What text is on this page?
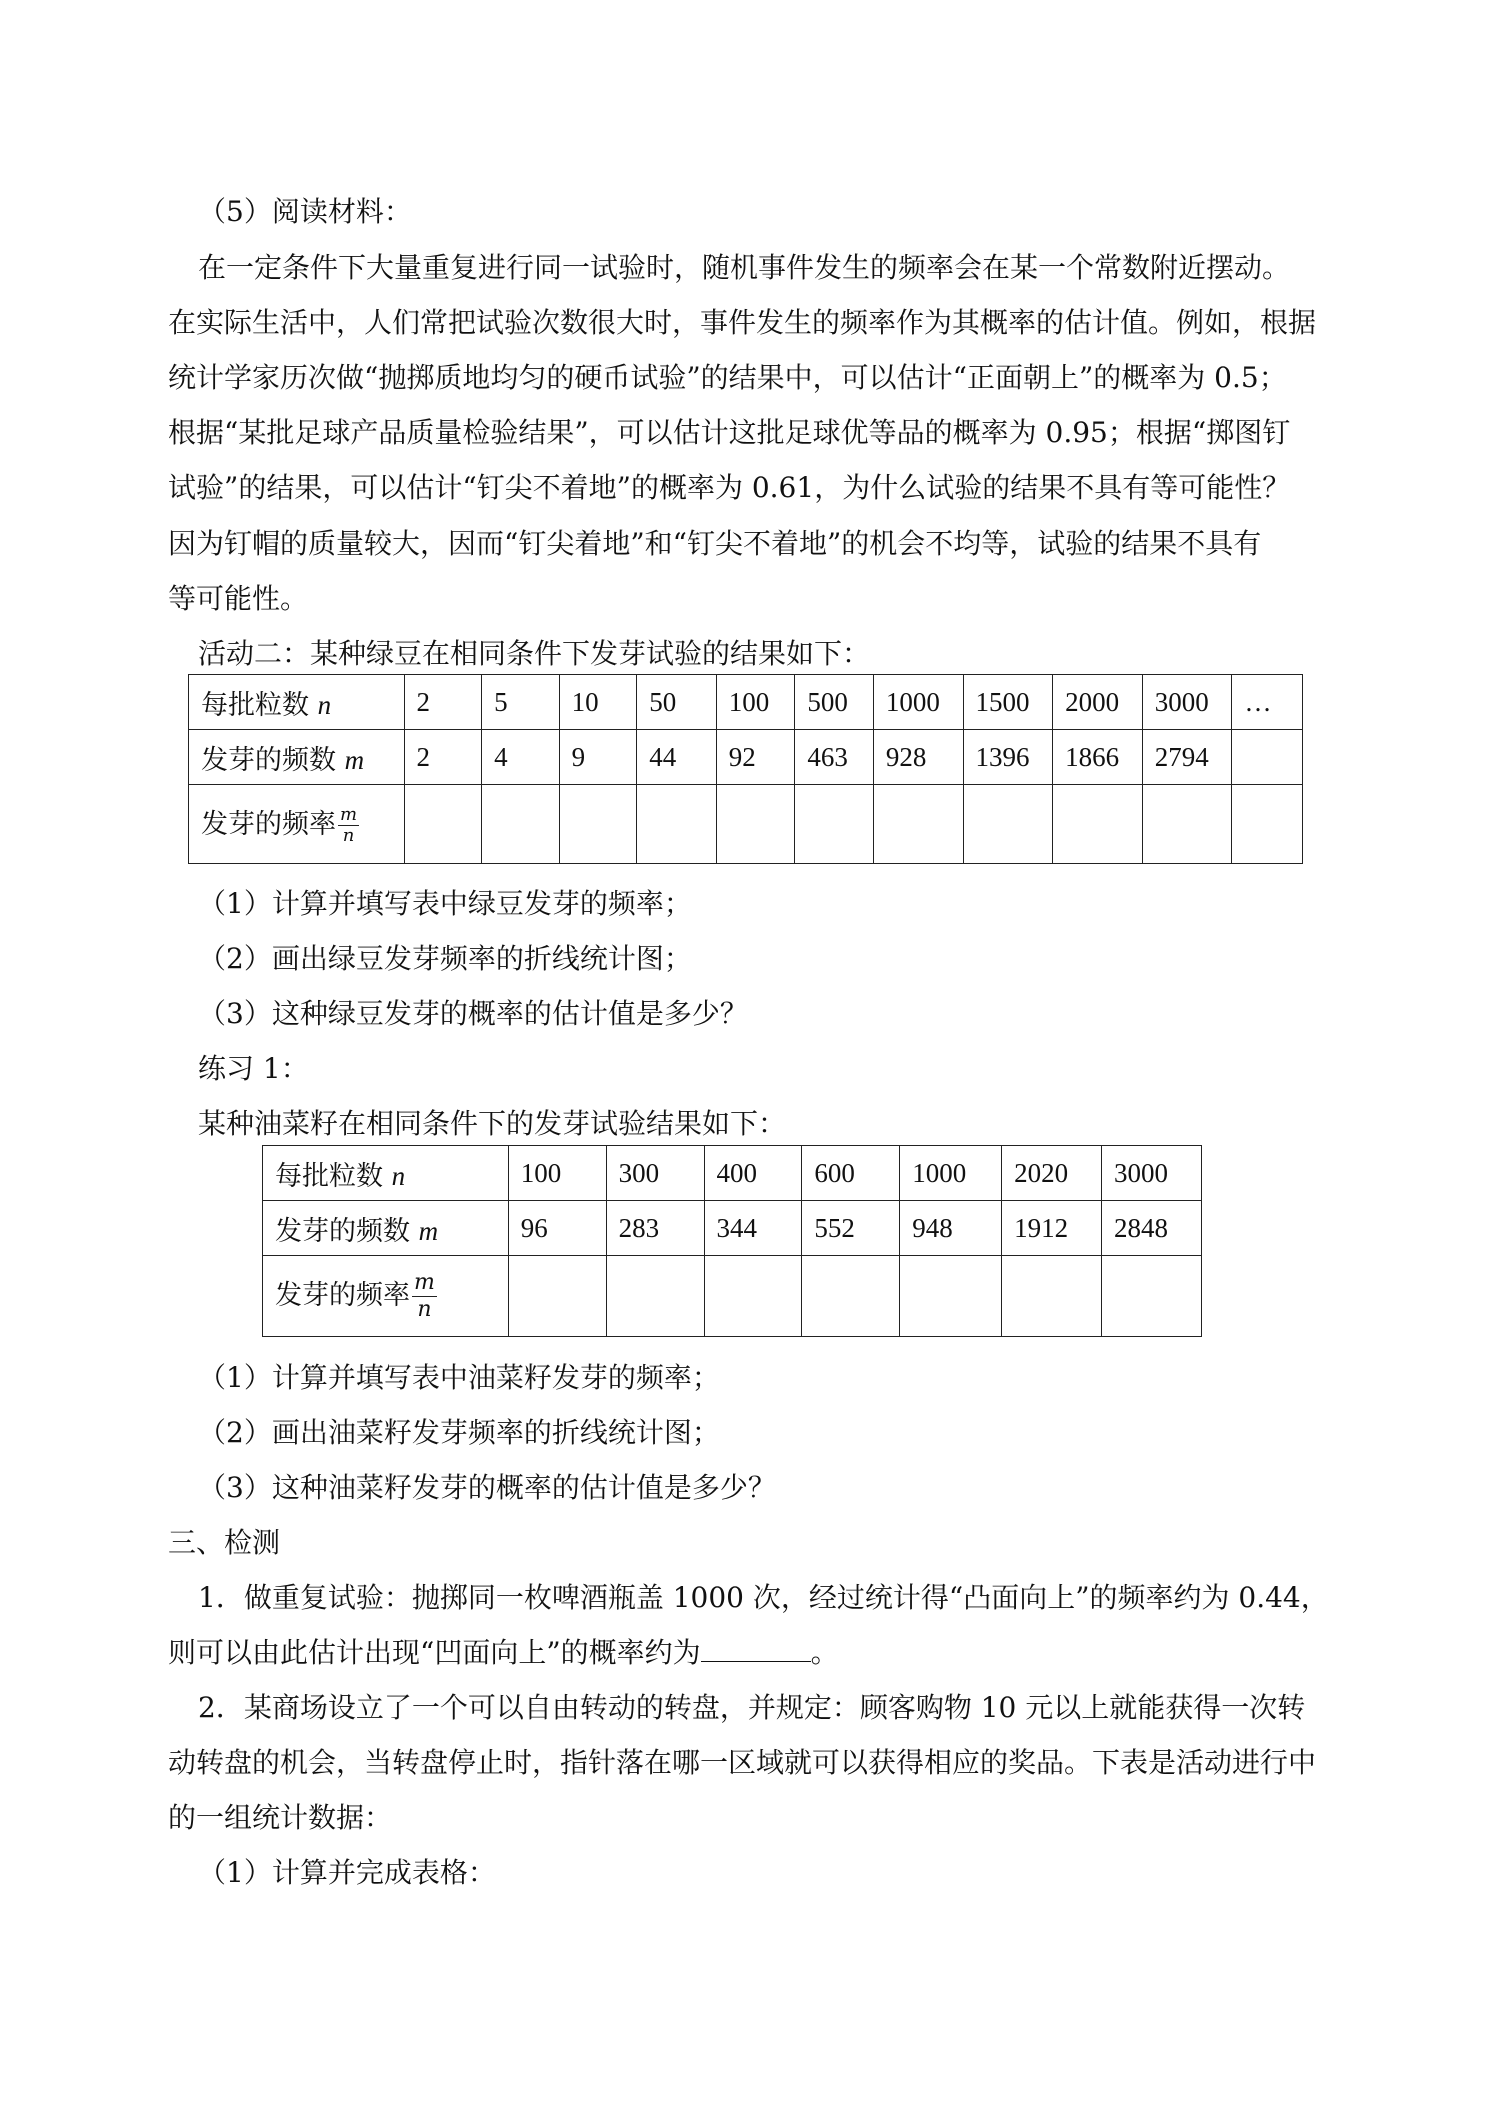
（5）阅读材料：
在一定条件下大量重复进行同一试验时，随机事件发生的频率会在某一个常数附近摆动。
在实际生活中，人们常把试验次数很大时，事件发生的频率作为其概率的估计值。例如，根据
统计学家历次做“抛掷质地均匀的硬币试验”的结果中，可以估计“正面朝上”的概率为 0.5；
根据“某批足球产品质量检验结果”，可以估计这批足球优等品的概率为 0.95；根据“掷图钉
试验”的结果，可以估计“钉尖不着地”的概率为 0.61，为什么试验的结果不具有等可能性？
因为钉帽的质量较大，因而“钉尖着地”和“钉尖不着地”的机会不均等，试验的结果不具有
等可能性。
活动二：某种绿豆在相同条件下发芽试验的结果如下：
每批粒数 n	2	5	10	50	100	500	1000	1500	2000	3000	…
发芽的频数 m	2	4	9	44	92	463	928	1396	1866	2794	
发芽的频率 $\frac{m}{n}$

（1）计算并填写表中绿豆发芽的频率；
（2）画出绿豆发芽频率的折线统计图；
（3）这种绿豆发芽的概率的估计值是多少？
练习 1：
某种油菜籽在相同条件下的发芽试验结果如下：
每批粒数 n	100	300	400	600	1000	2020	3000
发芽的频数 m	96	283	344	552	948	1912	2848
发芽的频率 $\frac{m}{n}$

（1）计算并填写表中油菜籽发芽的频率；
（2）画出油菜籽发芽频率的折线统计图；
（3）这种油菜籽发芽的概率的估计值是多少？
三、检测
1．做重复试验：抛掷同一枚啤酒瓶盖 1000 次，经过统计得“凸面向上”的频率约为 0.44，
则可以由此估计出现“凹面向上”的概率约为	。
2．某商场设立了一个可以自由转动的转盘，并规定：顾客购物 10 元以上就能获得一次转
动转盘的机会，当转盘停止时，指针落在哪一区域就可以获得相应的奖品。下表是活动进行中
的一组统计数据：
（1）计算并完成表格：
